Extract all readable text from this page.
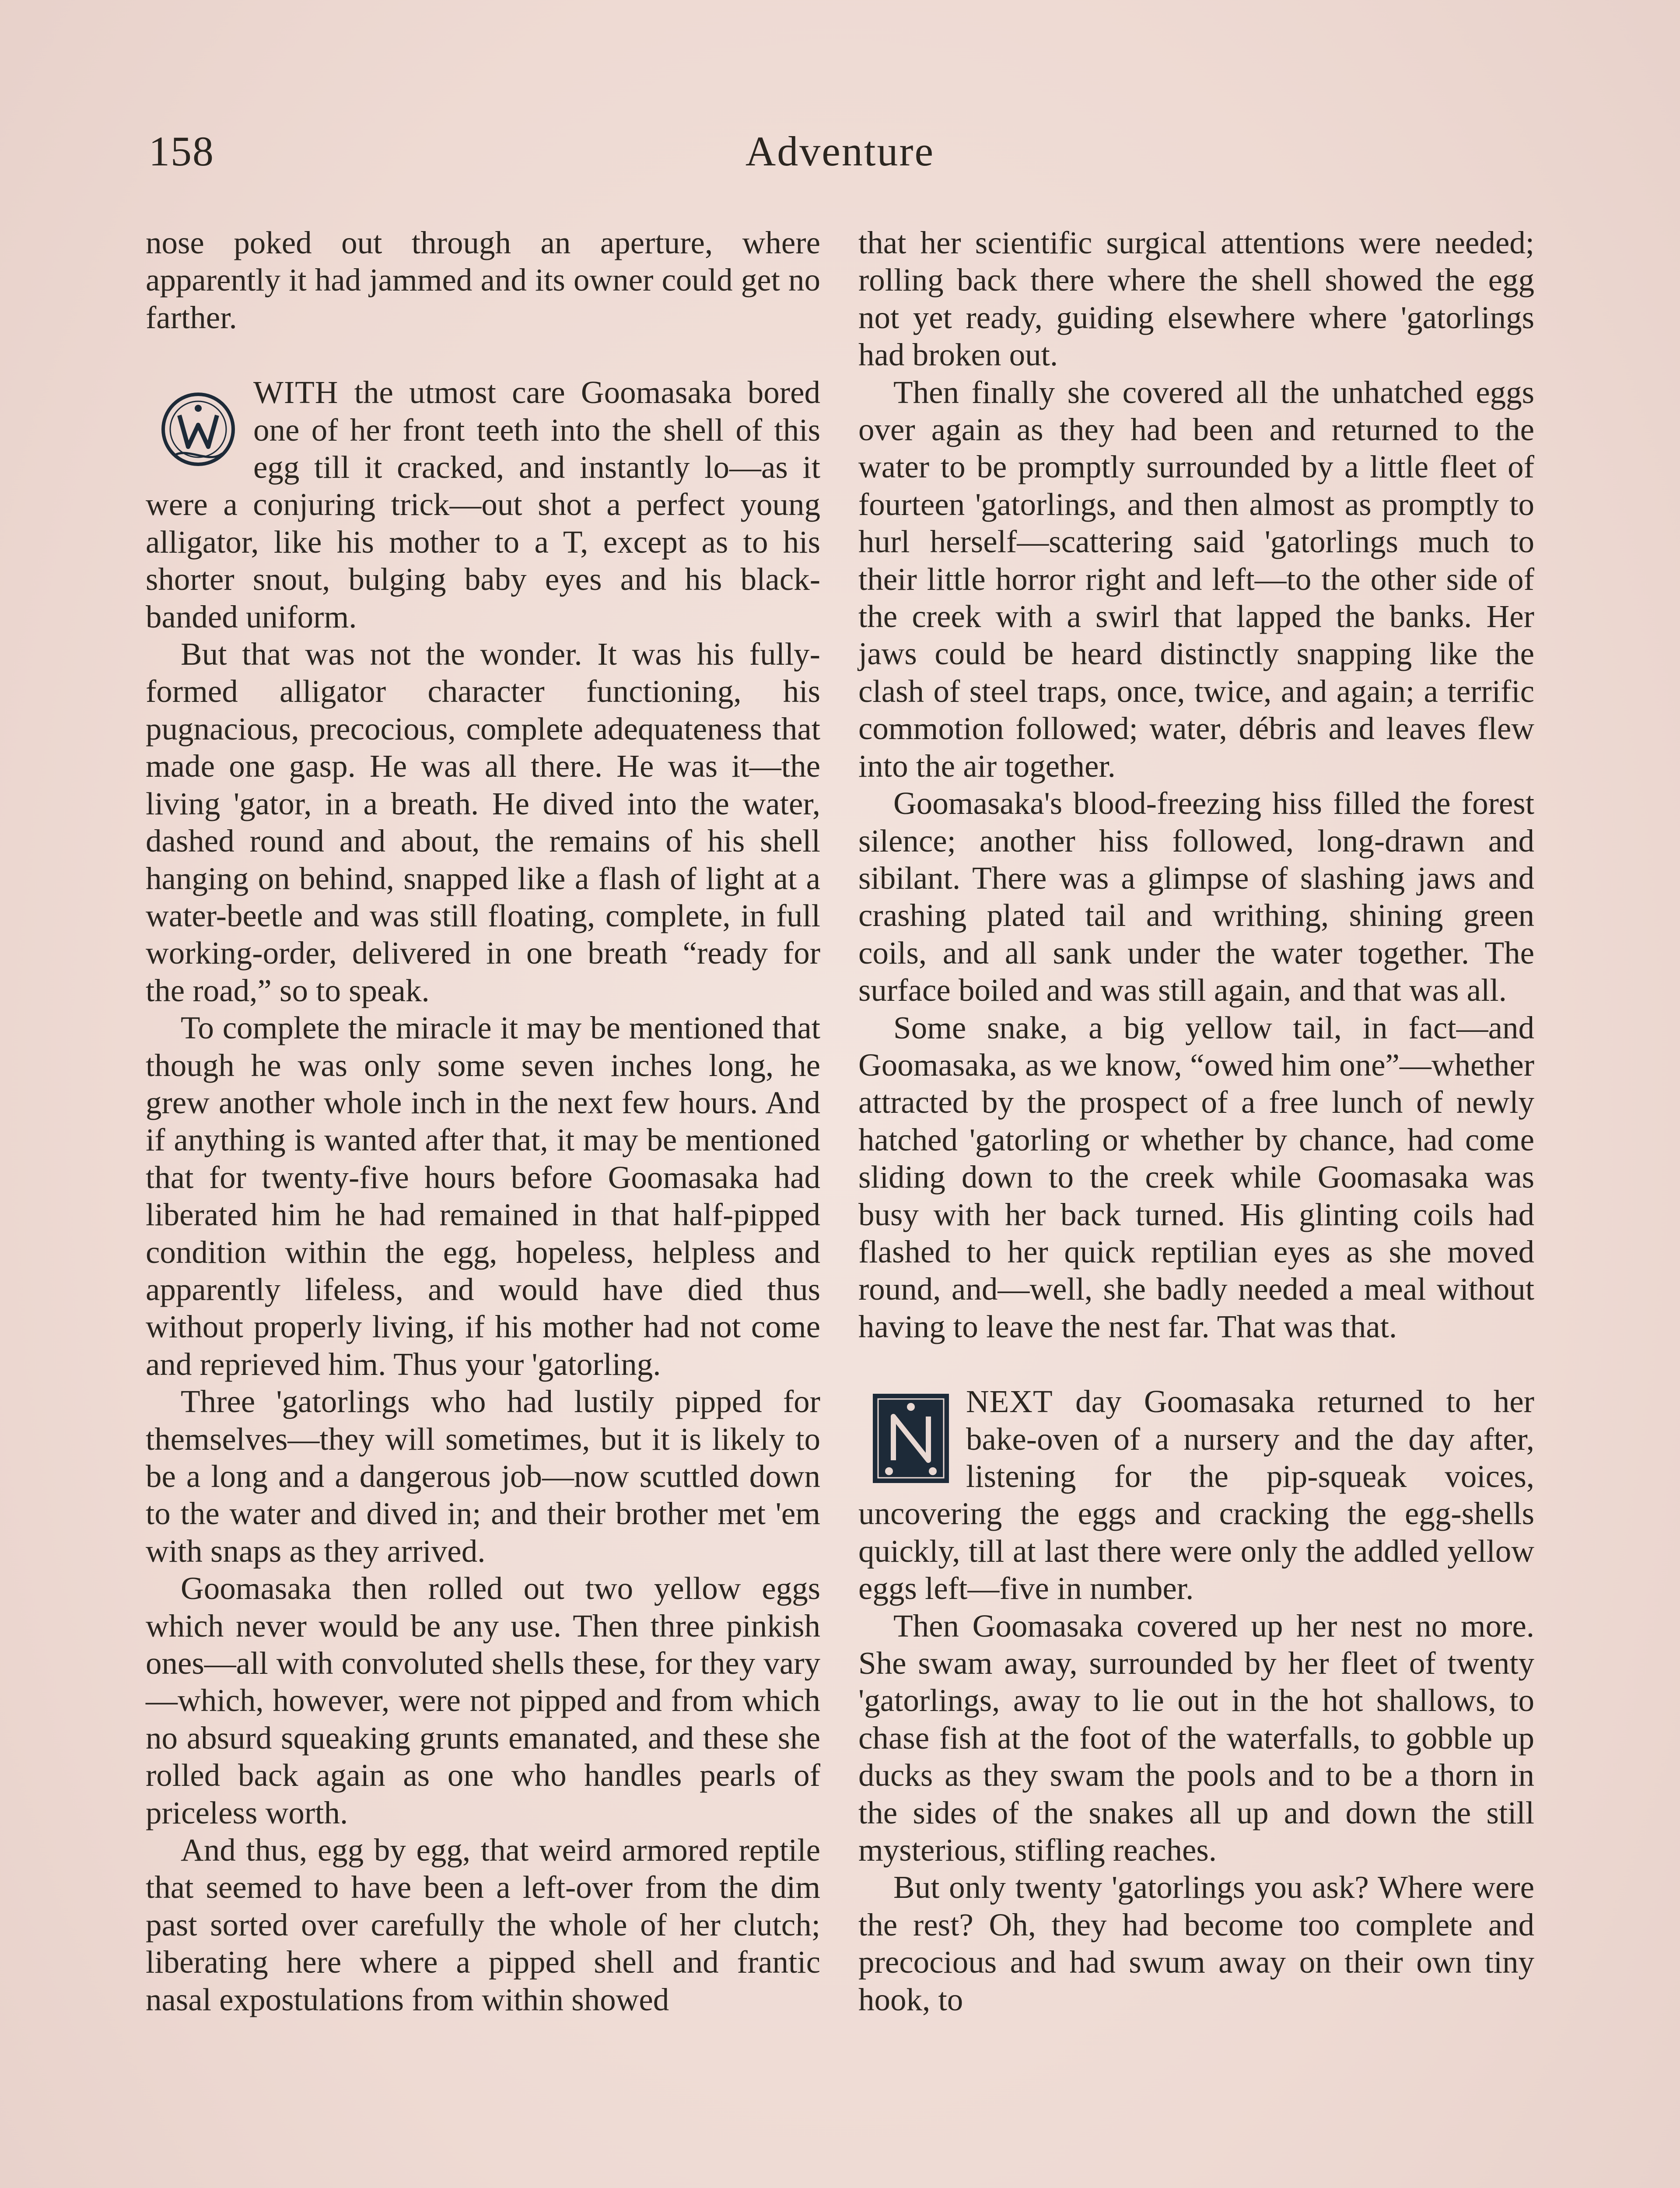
158	Adventure

nose poked out through an aperture, where apparently it had jammed and its owner could get no farther.

WITH the utmost care Goomasaka bored one of her front teeth into the shell of this egg till it cracked, and instantly lo—as it were a conjuring trick—out shot a perfect young alligator, like his mother to a T, except as to his shorter snout, bulging baby eyes and his black-banded uniform.

But that was not the wonder. It was his fully-formed alligator character functioning, his pugnacious, precocious, complete adequateness that made one gasp. He was all there. He was it—the living 'gator, in a breath. He dived into the water, dashed round and about, the remains of his shell hanging on behind, snapped like a flash of light at a water-beetle and was still floating, complete, in full working-order, delivered in one breath “ready for the road,” so to speak.

To complete the miracle it may be mentioned that though he was only some seven inches long, he grew another whole inch in the next few hours. And if anything is wanted after that, it may be mentioned that for twenty-five hours before Goomasaka had liberated him he had remained in that half-pipped condition within the egg, hopeless, helpless and apparently lifeless, and would have died thus without properly living, if his mother had not come and reprieved him. Thus your 'gatorling.

Three 'gatorlings who had lustily pipped for themselves—they will sometimes, but it is likely to be a long and a dangerous job—now scuttled down to the water and dived in; and their brother met 'em with snaps as they arrived.

Goomasaka then rolled out two yellow eggs which never would be any use. Then three pinkish ones—all with convoluted shells these, for they vary—which, however, were not pipped and from which no absurd squeaking grunts emanated, and these she rolled back again as one who handles pearls of priceless worth.

And thus, egg by egg, that weird armored reptile that seemed to have been a left-over from the dim past sorted over carefully the whole of her clutch; liberating here where a pipped shell and frantic nasal expostulations from within showed

that her scientific surgical attentions were needed; rolling back there where the shell showed the egg not yet ready, guiding elsewhere where 'gatorlings had broken out.

Then finally she covered all the unhatched eggs over again as they had been and returned to the water to be promptly surrounded by a little fleet of fourteen 'gatorlings, and then almost as promptly to hurl herself—scattering said 'gatorlings much to their little horror right and left—to the other side of the creek with a swirl that lapped the banks. Her jaws could be heard distinctly snapping like the clash of steel traps, once, twice, and again; a terrific commotion followed; water, débris and leaves flew into the air together.

Goomasaka's blood-freezing hiss filled the forest silence; another hiss followed, long-drawn and sibilant. There was a glimpse of slashing jaws and crashing plated tail and writhing, shining green coils, and all sank under the water together. The surface boiled and was still again, and that was all.

Some snake, a big yellow tail, in fact—and Goomasaka, as we know, “owed him one”—whether attracted by the prospect of a free lunch of newly hatched 'gatorling or whether by chance, had come sliding down to the creek while Goomasaka was busy with her back turned. His glinting coils had flashed to her quick reptilian eyes as she moved round, and—well, she badly needed a meal without having to leave the nest far. That was that.

NEXT day Goomasaka returned to her bake-oven of a nursery and the day after, listening for the pip-squeak voices, uncovering the eggs and cracking the egg-shells quickly, till at last there were only the addled yellow eggs left—five in number.

Then Goomasaka covered up her nest no more. She swam away, surrounded by her fleet of twenty 'gatorlings, away to lie out in the hot shallows, to chase fish at the foot of the waterfalls, to gobble up ducks as they swam the pools and to be a thorn in the sides of the snakes all up and down the still mysterious, stifling reaches.

But only twenty 'gatorlings you ask? Where were the rest? Oh, they had become too complete and precocious and had swum away on their own tiny hook, to
